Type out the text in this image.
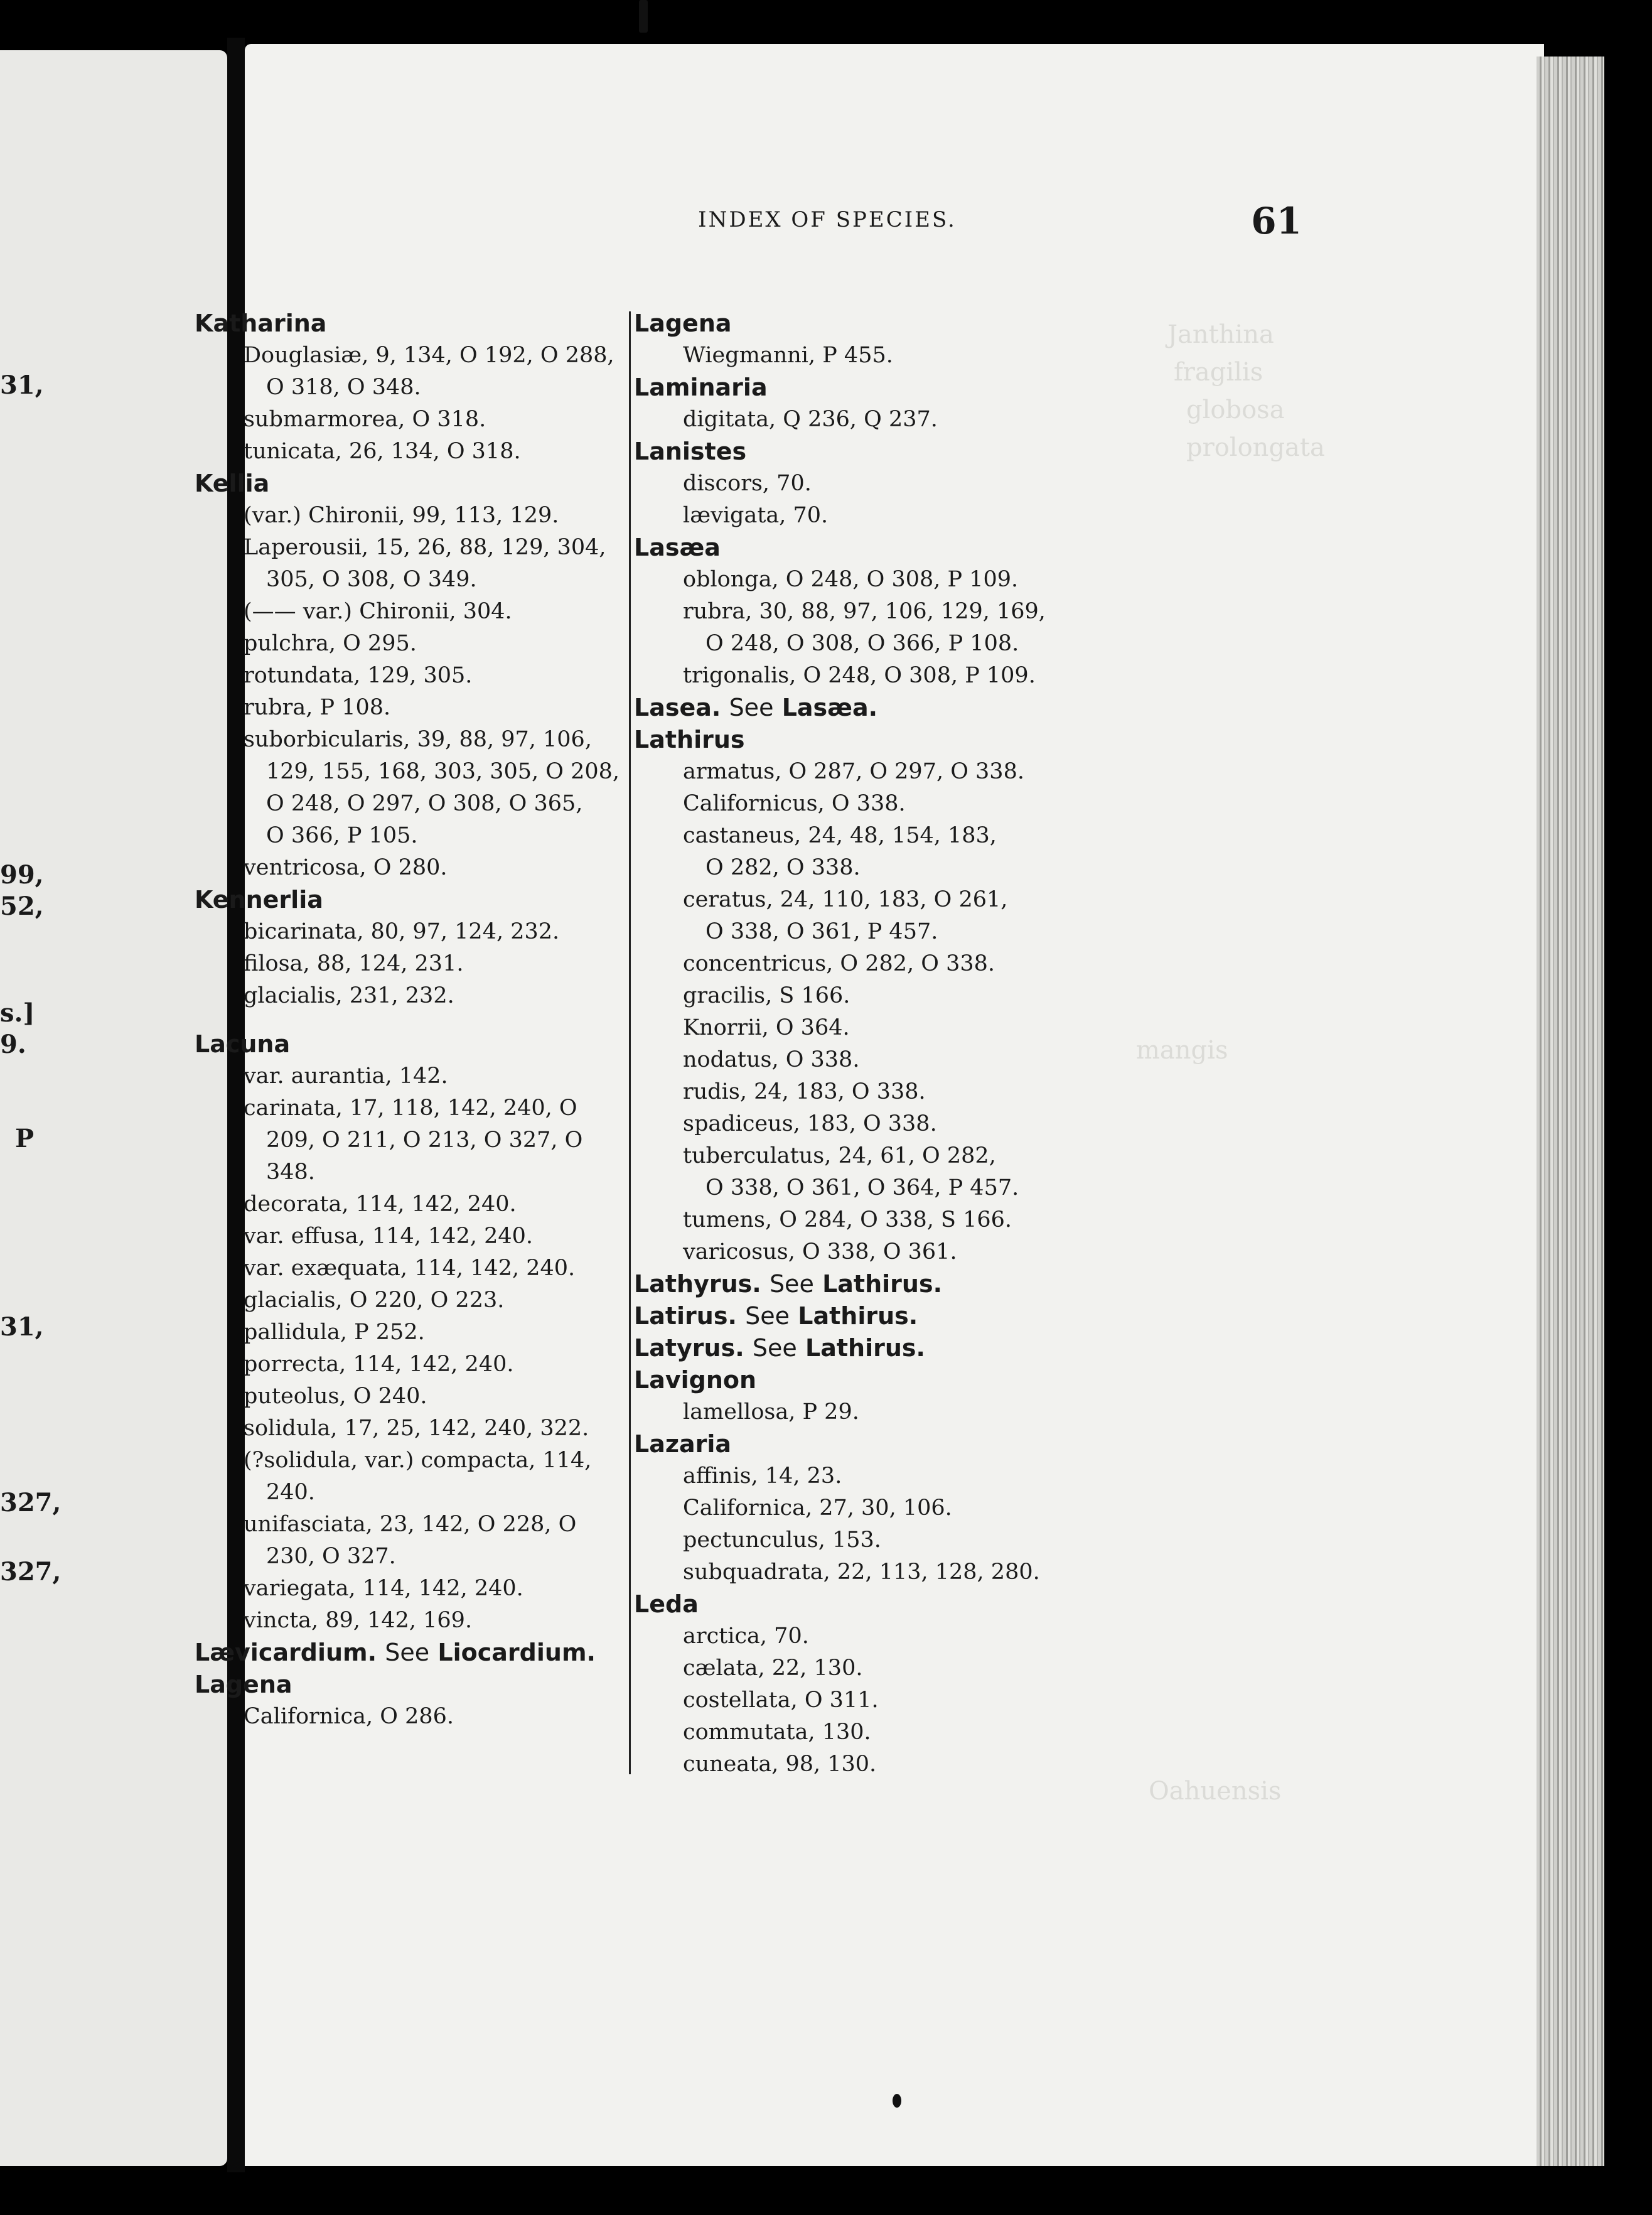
31,
99,
52,
s.]
9.
P
31,
327,
327,
Janthina
fragilis
globosa
prolongata
mangis
Oahuensis
INDEX OF SPECIES.	61
Katharina
Douglasiæ, 9, 134, O 192, O 288,
O 318, O 348.
submarmorea, O 318.
tunicata, 26, 134, O 318.
Kellia
(var.) Chironii, 99, 113, 129.
Laperousii, 15, 26, 88, 129, 304,
305, O 308, O 349.
(—— var.) Chironii, 304.
pulchra, O 295.
rotundata, 129, 305.
rubra, P 108.
suborbicularis, 39, 88, 97, 106,
129, 155, 168, 303, 305, O 208,
O 248, O 297, O 308, O 365,
O 366, P 105.
ventricosa, O 280.
Kennerlia
bicarinata, 80, 97, 124, 232.
filosa, 88, 124, 231.
glacialis, 231, 232.
Lacuna
var. aurantia, 142.
carinata, 17, 118, 142, 240, O
209, O 211, O 213, O 327, O
348.
decorata, 114, 142, 240.
var. effusa, 114, 142, 240.
var. exæquata, 114, 142, 240.
glacialis, O 220, O 223.
pallidula, P 252.
porrecta, 114, 142, 240.
puteolus, O 240.
solidula, 17, 25, 142, 240, 322.
(?solidula, var.) compacta, 114,
240.
unifasciata, 23, 142, O 228, O
230, O 327.
variegata, 114, 142, 240.
vincta, 89, 142, 169.
Lævicardium. See Liocardium.
Lagena
Californica, O 286.
Lagena
Wiegmanni, P 455.
Laminaria
digitata, Q 236, Q 237.
Lanistes
discors, 70.
lævigata, 70.
Lasæa
oblonga, O 248, O 308, P 109.
rubra, 30, 88, 97, 106, 129, 169,
O 248, O 308, O 366, P 108.
trigonalis, O 248, O 308, P 109.
Lasea. See Lasæa.
Lathirus
armatus, O 287, O 297, O 338.
Californicus, O 338.
castaneus, 24, 48, 154, 183,
O 282, O 338.
ceratus, 24, 110, 183, O 261,
O 338, O 361, P 457.
concentricus, O 282, O 338.
gracilis, S 166.
Knorrii, O 364.
nodatus, O 338.
rudis, 24, 183, O 338.
spadiceus, 183, O 338.
tuberculatus, 24, 61, O 282,
O 338, O 361, O 364, P 457.
tumens, O 284, O 338, S 166.
varicosus, O 338, O 361.
Lathyrus. See Lathirus.
Latirus. See Lathirus.
Latyrus. See Lathirus.
Lavignon
lamellosa, P 29.
Lazaria
affinis, 14, 23.
Californica, 27, 30, 106.
pectunculus, 153.
subquadrata, 22, 113, 128, 280.
Leda
arctica, 70.
cælata, 22, 130.
costellata, O 311.
commutata, 130.
cuneata, 98, 130.
